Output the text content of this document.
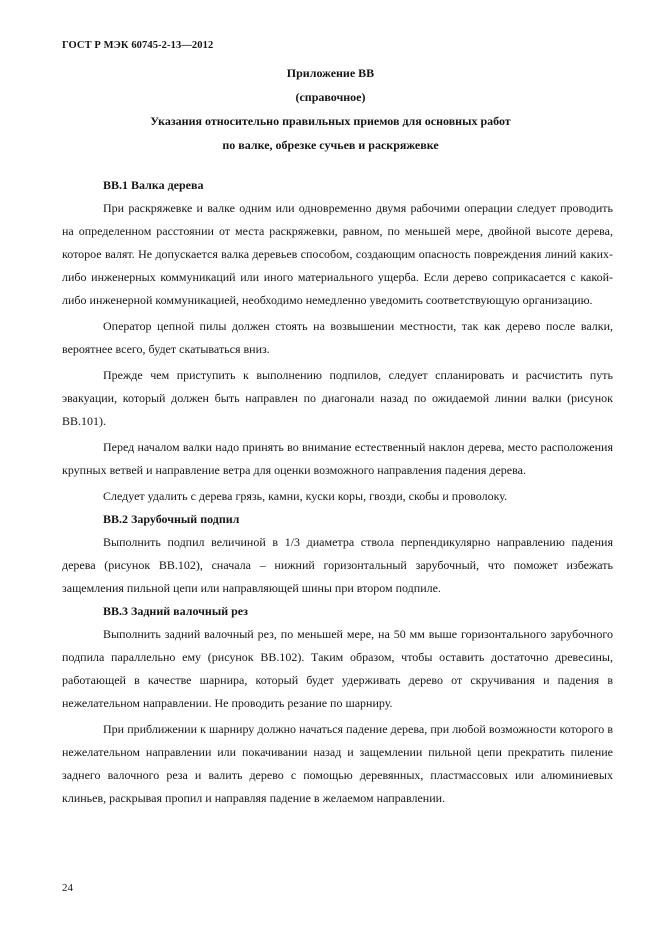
ГОСТ Р МЭК 60745-2-13—2012
Приложение ВВ
(справочное)
Указания относительно правильных приемов для основных работ
по валке, обрезке сучьев и раскряжевке
ВВ.1 Валка дерева

При раскряжевке и валке одним или одновременно двумя рабочими операции следует проводить на определенном расстоянии от места раскряжевки, равном, по меньшей мере, двойной высоте дерева, которое валят. Не допускается валка деревьев способом, создающим опасность повреждения линий каких-либо инженерных коммуникаций или иного материального ущерба. Если дерево соприкасается с какой-либо инженерной коммуникацией, необходимо немедленно уведомить соответствующую организацию.

Оператор цепной пилы должен стоять на возвышении местности, так как дерево после валки, вероятнее всего, будет скатываться вниз.

Прежде чем приступить к выполнению подпилов, следует спланировать и расчистить путь эвакуации, который должен быть направлен по диагонали назад по ожидаемой линии валки (рисунок ВВ.101).

Перед началом валки надо принять во внимание естественный наклон дерева, место расположения крупных ветвей и направление ветра для оценки возможного направления падения дерева.

Следует удалить с дерева грязь, камни, куски коры, гвозди, скобы и проволоку.

ВВ.2 Зарубочный подпил

Выполнить подпил величиной в 1/3 диаметра ствола перпендикулярно направлению падения дерева (рисунок ВВ.102), сначала – нижний горизонтальный зарубочный, что поможет избежать защемления пильной цепи или направляющей шины при втором подпиле.

ВВ.3 Задний валочный рез

Выполнить задний валочный рез, по меньшей мере, на 50 мм выше горизонтального зарубочного подпила параллельно ему (рисунок ВВ.102). Таким образом, чтобы оставить достаточно древесины, работающей в качестве шарнира, который будет удерживать дерево от скручивания и падения в нежелательном направлении. Не проводить резание по шарниру.

При приближении к шарниру должно начаться падение дерева, при любой возможности которого в нежелательном направлении или покачивании назад и защемлении пильной цепи прекратить пиление заднего валочного реза и валить дерево с помощью деревянных, пластмассовых или алюминиевых клиньев, раскрывая пропил и направляя падение в желаемом направлении.

24
